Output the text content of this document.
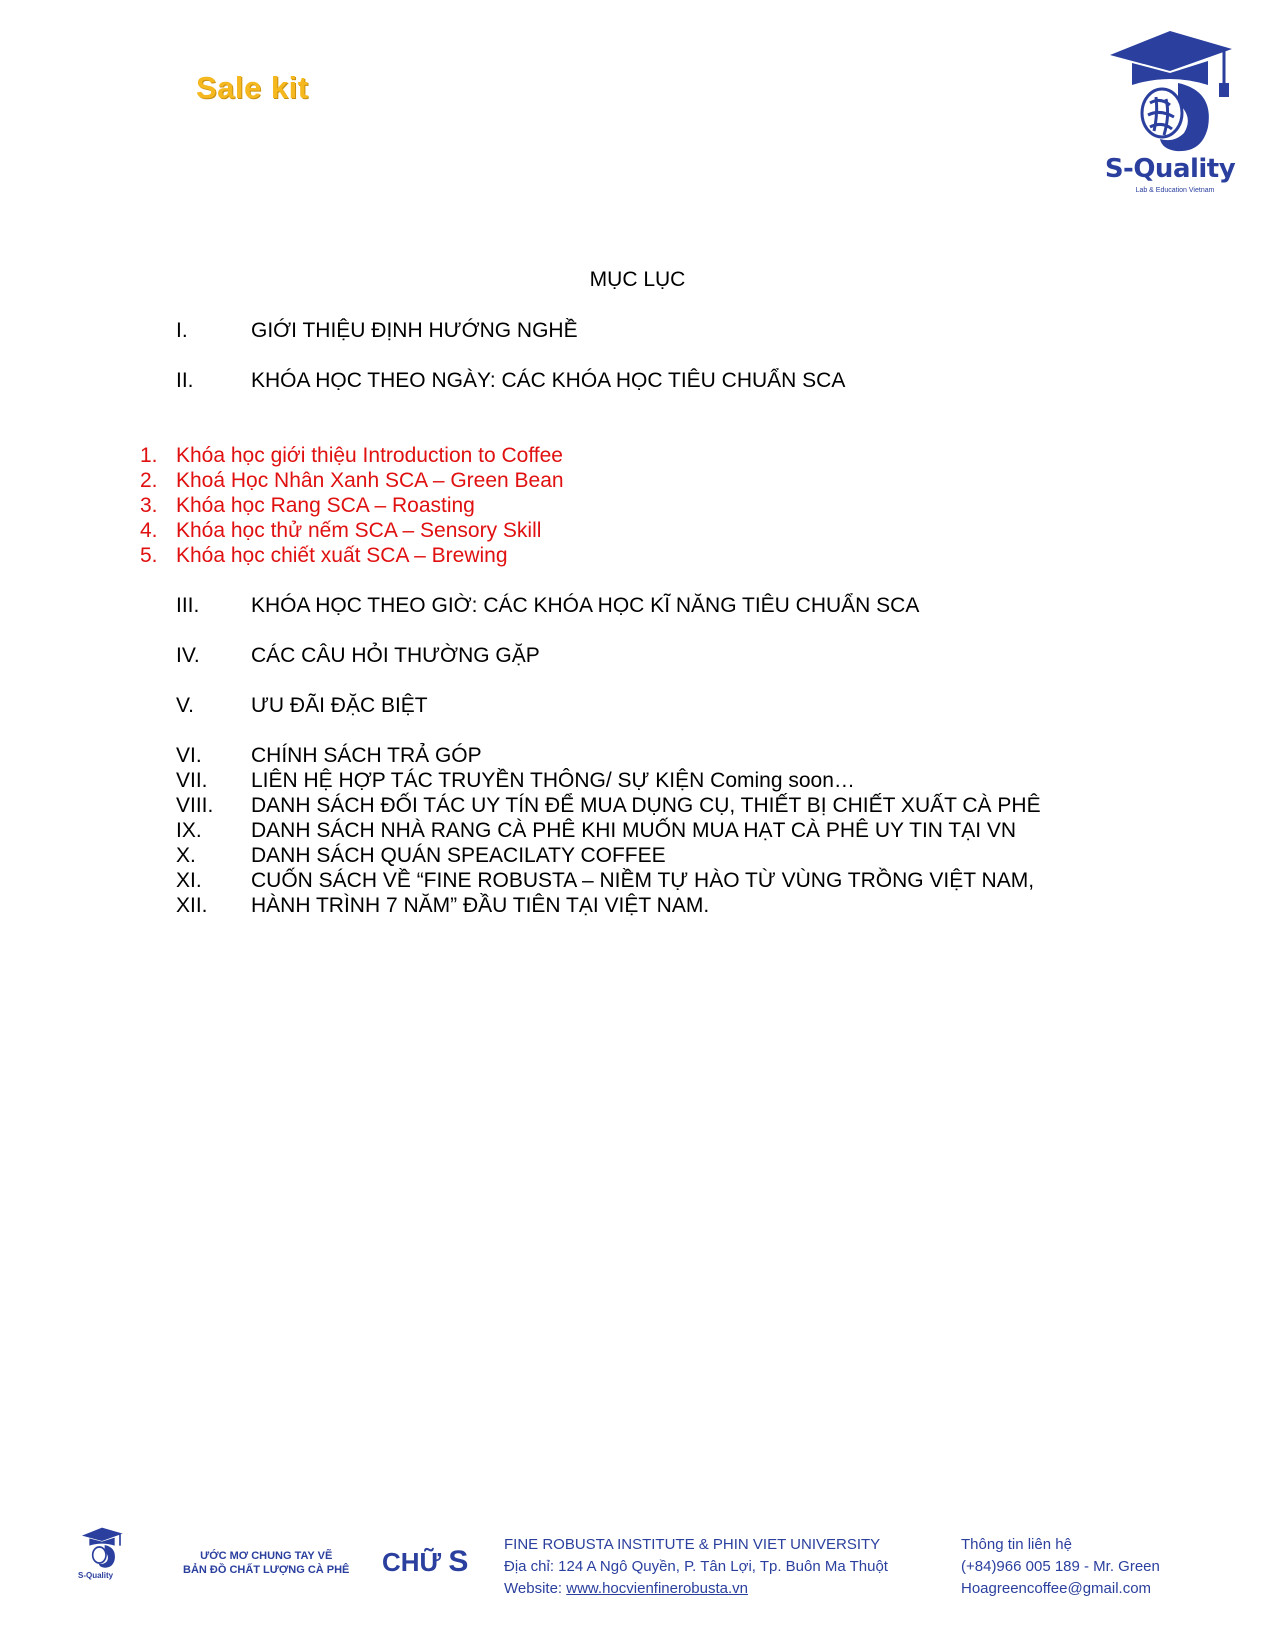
Sale kit
S-Quality
Lab & Education Vietnam
MỤC LỤC
I.	GIỚI THIỆU ĐỊNH HƯỚNG NGHỀ
II.	KHÓA HỌC THEO NGÀY: CÁC KHÓA HỌC TIÊU CHUẨN SCA
1. Khóa học giới thiệu Introduction to Coffee
2. Khoá Học Nhân Xanh SCA – Green Bean
3. Khóa học Rang SCA – Roasting
4. Khóa học thử nếm SCA – Sensory Skill
5. Khóa học chiết xuất SCA – Brewing
III. KHÓA HỌC THEO GIỜ: CÁC KHÓA HỌC KĨ NĂNG TIÊU CHUẨN SCA
IV. CÁC CÂU HỎI THƯỜNG GẶP
V.	ƯU ĐÃI ĐẶC BIỆT
VI. CHÍNH SÁCH TRẢ GÓP
VII. LIÊN HỆ HỢP TÁC TRUYỀN THÔNG/ SỰ KIỆN Coming soon…
VIII. DANH SÁCH ĐỐI TÁC UY TÍN ĐỂ MUA DỤNG CỤ, THIẾT BỊ CHIẾT XUẤT CÀ PHÊ
IX. DANH SÁCH NHÀ RANG CÀ PHÊ KHI MUỐN MUA HẠT CÀ PHÊ UY TIN TẠI VN
X.	DANH SÁCH QUÁN SPEACILATY COFFEE
XI. CUỐN SÁCH VỀ “FINE ROBUSTA – NIỀM TỰ HÀO TỪ VÙNG TRỒNG VIỆT NAM,
XII. HÀNH TRÌNH 7 NĂM” ĐẦU TIÊN TẠI VIỆT NAM.
S-Quality
ƯỚC MƠ CHUNG TAY VẼ
BẢN ĐỒ CHẤT LƯỢNG CÀ PHÊ CHỮ S
FINE ROBUSTA INSTITUTE & PHIN VIET UNIVERSITY
Địa chỉ: 124 A Ngô Quyền, P. Tân Lợi, Tp. Buôn Ma Thuột
Website: www.hocvienfinerobusta.vn
Thông tin liên hệ
(+84)966 005 189 - Mr. Green
Hoagreencoffee@gmail.com
